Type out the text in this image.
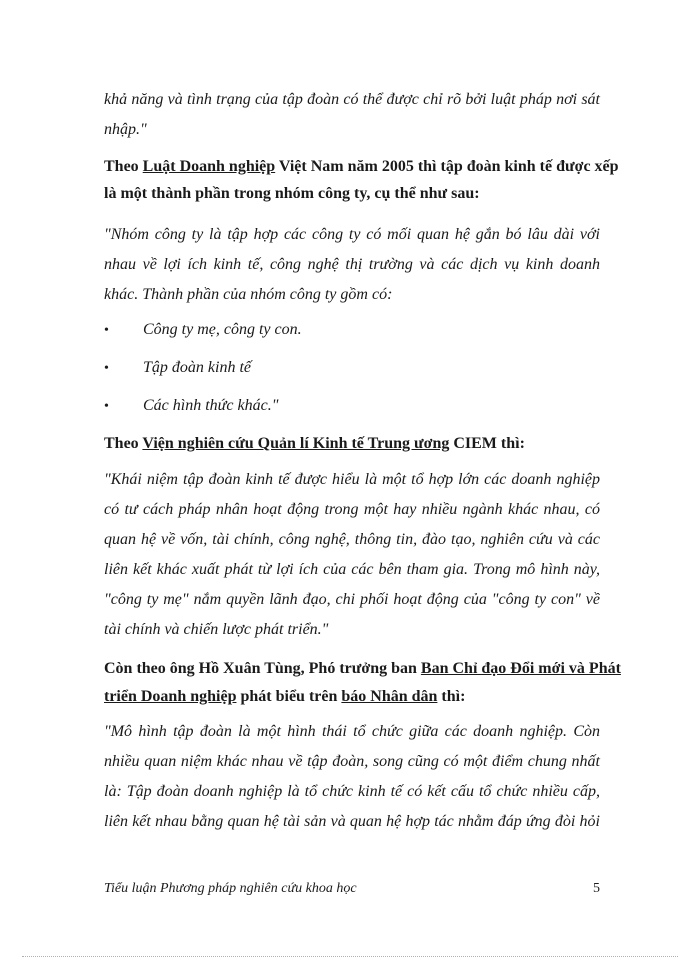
khả năng và tình trạng của tập đoàn có thể được chỉ rõ bởi luật pháp nơi sát
nhập."
Theo Luật Doanh nghiệp Việt Nam năm 2005 thì tập đoàn kinh tế được xếp
là một thành phần trong nhóm công ty, cụ thể như sau:
"Nhóm công ty là tập hợp các công ty có mối quan hệ gắn bó lâu dài với
nhau về lợi ích kinh tế, công nghệ thị trường và các dịch vụ kinh doanh
khác. Thành phần của nhóm công ty gồm có:
• Công ty mẹ, công ty con.
• Tập đoàn kinh tế
• Các hình thức khác."
Theo Viện nghiên cứu Quản lí Kinh tế Trung ương CIEM thì:
"Khái niệm tập đoàn kinh tế được hiểu là một tổ hợp lớn các doanh nghiệp
có tư cách pháp nhân hoạt động trong một hay nhiều ngành khác nhau, có
quan hệ về vốn, tài chính, công nghệ, thông tin, đào tạo, nghiên cứu và các
liên kết khác xuất phát từ lợi ích của các bên tham gia. Trong mô hình này,
"công ty mẹ" nắm quyền lãnh đạo, chi phối hoạt động của "công ty con" về
tài chính và chiến lược phát triển."
Còn theo ông Hồ Xuân Tùng, Phó trưởng ban Ban Chỉ đạo Đổi mới và Phát
triển Doanh nghiệp phát biểu trên báo Nhân dân thì:
"Mô hình tập đoàn là một hình thái tổ chức giữa các doanh nghiệp. Còn
nhiều quan niệm khác nhau về tập đoàn, song cũng có một điểm chung nhất
là: Tập đoàn doanh nghiệp là tổ chức kinh tế có kết cấu tổ chức nhiều cấp,
liên kết nhau bằng quan hệ tài sản và quan hệ hợp tác nhằm đáp ứng đòi hỏi
Tiểu luận Phương pháp nghiên cứu khoa học	5
